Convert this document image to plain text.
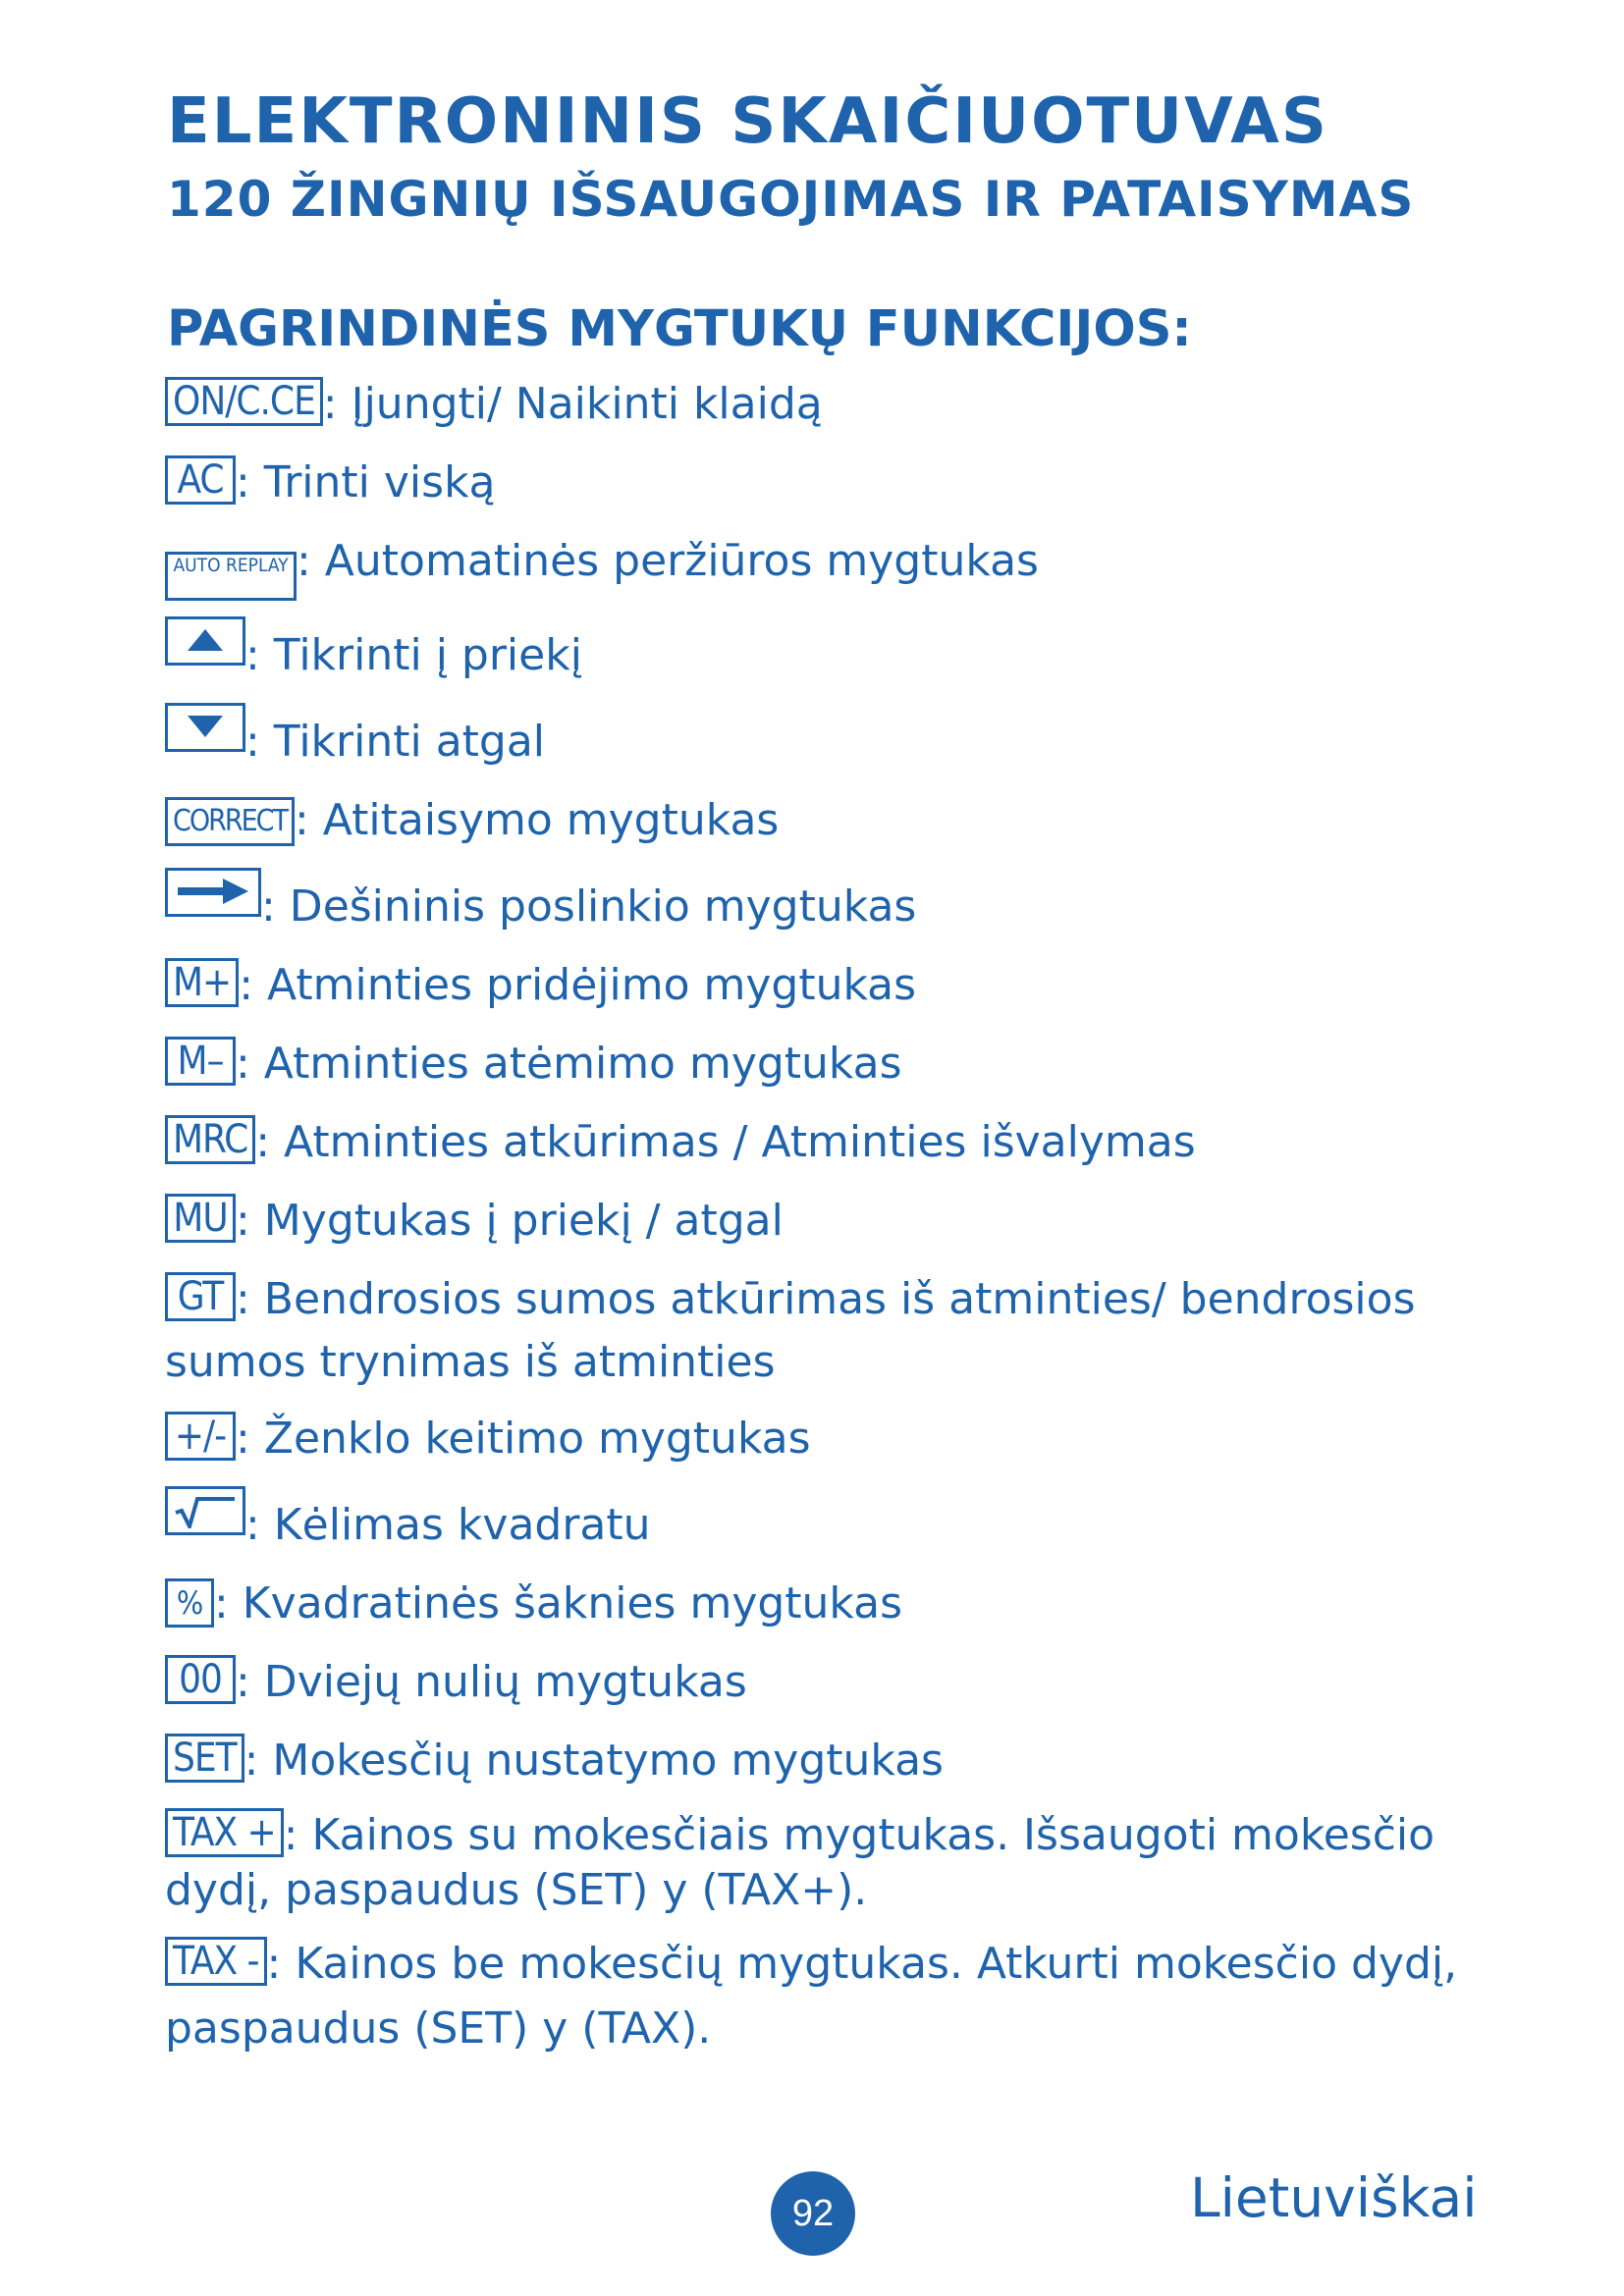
ELEKTRONINIS SKAIČIUOTUVAS
120 ŽINGNIŲ IŠSAUGOJIMAS IR PATAISYMAS
PAGRINDINĖS MYGTUKŲ FUNKCIJOS:
ON/C.CE : Įjungti/ Naikinti klaidą
AC : Trinti viską
AUTO REPLAY : Automatinės peržiūros mygtukas
: Tikrinti į priekį
: Tikrinti atgal
CORRECT : Atitaisymo mygtukas
: Dešininis poslinkio mygtukas
M+ : Atminties pridėjimo mygtukas
M– : Atminties atėmimo mygtukas
MRC : Atminties atkūrimas / Atminties išvalymas
MU : Mygtukas į priekį / atgal
GT : Bendrosios sumos atkūrimas iš atminties/ bendrosios sumos trynimas iš atminties
+/- : Ženklo keitimo mygtukas
: Kėlimas kvadratu
% : Kvadratinės šaknies mygtukas
00 : Dviejų nulių mygtukas
SET : Mokesčių nustatymo mygtukas
TAX + : Kainos su mokesčiais mygtukas. Išsaugoti mokesčio dydį, paspaudus (SET) y (TAX+).
TAX - : Kainos be mokesčių mygtukas. Atkurti mokesčio dydį, paspaudus (SET) y (TAX).
92	Lietuviškai
